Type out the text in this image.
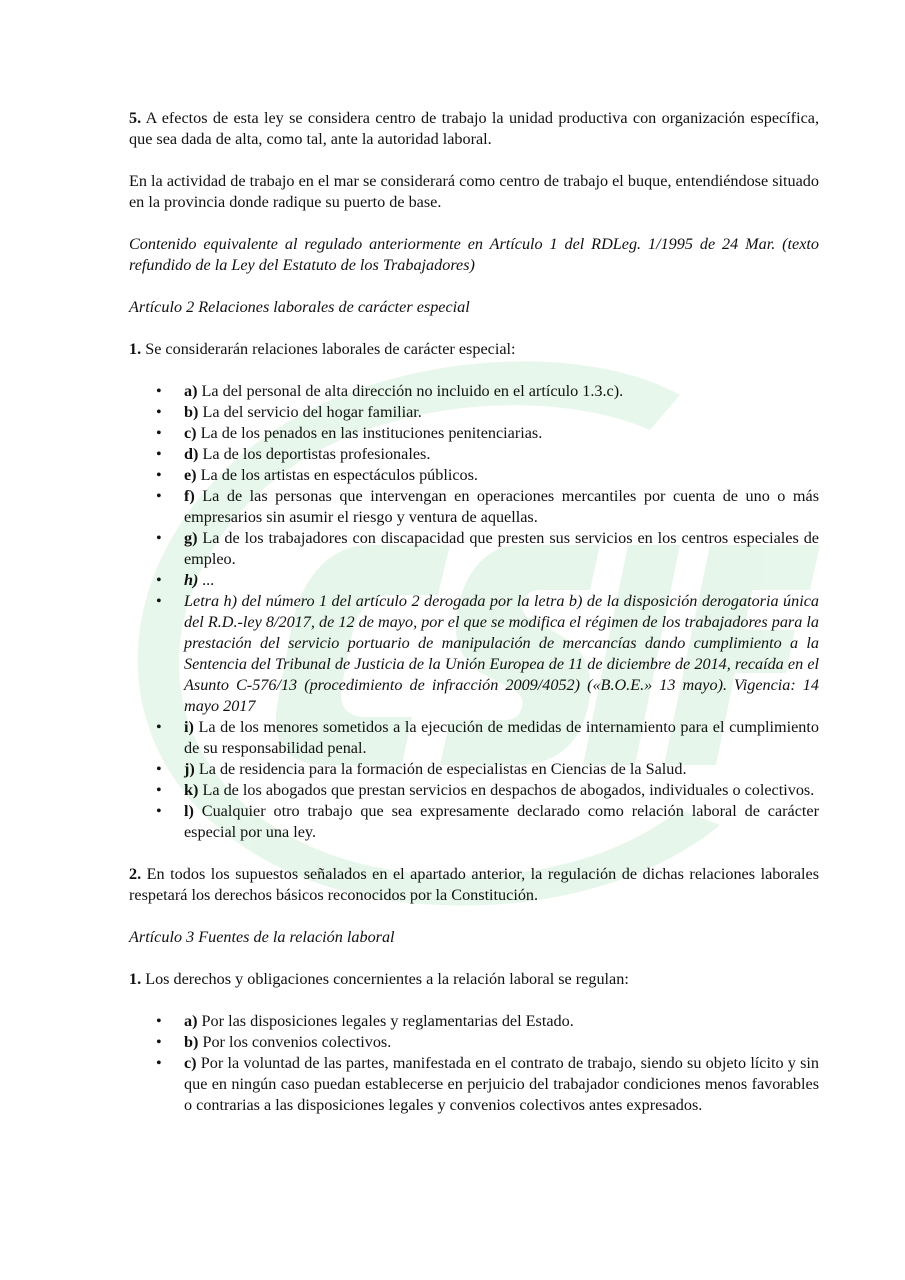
5. A efectos de esta ley se considera centro de trabajo la unidad productiva con organización específica, que sea dada de alta, como tal, ante la autoridad laboral.

En la actividad de trabajo en el mar se considerará como centro de trabajo el buque, entendiéndose situado en la provincia donde radique su puerto de base.

Contenido equivalente al regulado anteriormente en Artículo 1 del RDLeg. 1/1995 de 24 Mar. (texto refundido de la Ley del Estatuto de los Trabajadores)

Artículo 2 Relaciones laborales de carácter especial

1. Se considerarán relaciones laborales de carácter especial:

• a) La del personal de alta dirección no incluido en el artículo 1.3.c).
• b) La del servicio del hogar familiar.
• c) La de los penados en las instituciones penitenciarias.
• d) La de los deportistas profesionales.
• e) La de los artistas en espectáculos públicos.
• f) La de las personas que intervengan en operaciones mercantiles por cuenta de uno o más empresarios sin asumir el riesgo y ventura de aquellas.
• g) La de los trabajadores con discapacidad que presten sus servicios en los centros especiales de empleo.
• h) ...
• Letra h) del número 1 del artículo 2 derogada por la letra b) de la disposición derogatoria única del R.D.-ley 8/2017, de 12 de mayo, por el que se modifica el régimen de los trabajadores para la prestación del servicio portuario de manipulación de mercancías dando cumplimiento a la Sentencia del Tribunal de Justicia de la Unión Europea de 11 de diciembre de 2014, recaída en el Asunto C-576/13 (procedimiento de infracción 2009/4052) («B.O.E.» 13 mayo). Vigencia: 14 mayo 2017
• i) La de los menores sometidos a la ejecución de medidas de internamiento para el cumplimiento de su responsabilidad penal.
• j) La de residencia para la formación de especialistas en Ciencias de la Salud.
• k) La de los abogados que prestan servicios en despachos de abogados, individuales o colectivos.
• l) Cualquier otro trabajo que sea expresamente declarado como relación laboral de carácter especial por una ley.

2. En todos los supuestos señalados en el apartado anterior, la regulación de dichas relaciones laborales respetará los derechos básicos reconocidos por la Constitución.

Artículo 3 Fuentes de la relación laboral

1. Los derechos y obligaciones concernientes a la relación laboral se regulan:

• a) Por las disposiciones legales y reglamentarias del Estado.
• b) Por los convenios colectivos.
• c) Por la voluntad de las partes, manifestada en el contrato de trabajo, siendo su objeto lícito y sin que en ningún caso puedan establecerse en perjuicio del trabajador condiciones menos favorables o contrarias a las disposiciones legales y convenios colectivos antes expresados.
